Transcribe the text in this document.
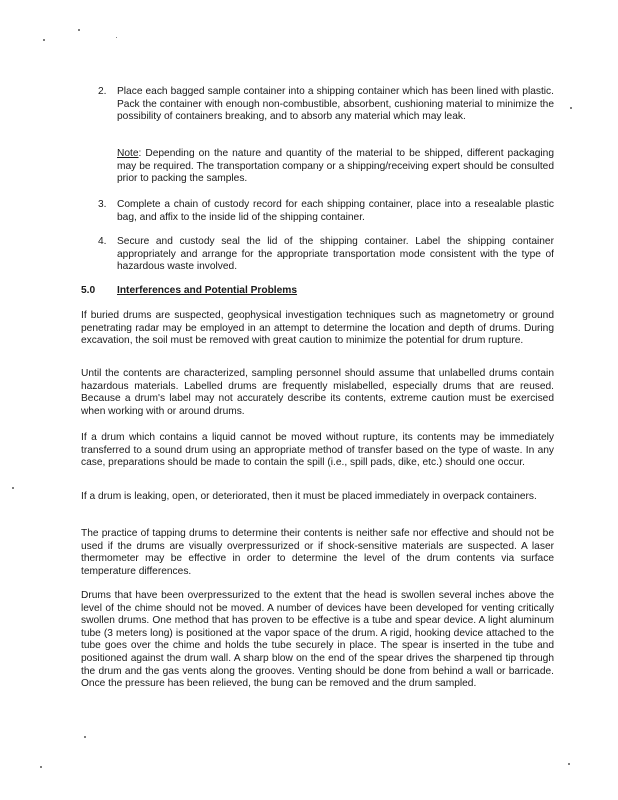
2. Place each bagged sample container into a shipping container which has been lined with plastic. Pack the container with enough non-combustible, absorbent, cushioning material to minimize the possibility of containers breaking, and to absorb any material which may leak.
Note: Depending on the nature and quantity of the material to be shipped, different packaging may be required. The transportation company or a shipping/receiving expert should be consulted prior to packing the samples.
3. Complete a chain of custody record for each shipping container, place into a resealable plastic bag, and affix to the inside lid of the shipping container.
4. Secure and custody seal the lid of the shipping container. Label the shipping container appropriately and arrange for the appropriate transportation mode consistent with the type of hazardous waste involved.
5.0 Interferences and Potential Problems
If buried drums are suspected, geophysical investigation techniques such as magnetometry or ground penetrating radar may be employed in an attempt to determine the location and depth of drums. During excavation, the soil must be removed with great caution to minimize the potential for drum rupture.
Until the contents are characterized, sampling personnel should assume that unlabelled drums contain hazardous materials. Labelled drums are frequently mislabelled, especially drums that are reused. Because a drum's label may not accurately describe its contents, extreme caution must be exercised when working with or around drums.
If a drum which contains a liquid cannot be moved without rupture, its contents may be immediately transferred to a sound drum using an appropriate method of transfer based on the type of waste. In any case, preparations should be made to contain the spill (i.e., spill pads, dike, etc.) should one occur.
If a drum is leaking, open, or deteriorated, then it must be placed immediately in overpack containers.
The practice of tapping drums to determine their contents is neither safe nor effective and should not be used if the drums are visually overpressurized or if shock-sensitive materials are suspected. A laser thermometer may be effective in order to determine the level of the drum contents via surface temperature differences.
Drums that have been overpressurized to the extent that the head is swollen several inches above the level of the chime should not be moved. A number of devices have been developed for venting critically swollen drums. One method that has proven to be effective is a tube and spear device. A light aluminum tube (3 meters long) is positioned at the vapor space of the drum. A rigid, hooking device attached to the tube goes over the chime and holds the tube securely in place. The spear is inserted in the tube and positioned against the drum wall. A sharp blow on the end of the spear drives the sharpened tip through the drum and the gas vents along the grooves. Venting should be done from behind a wall or barricade. Once the pressure has been relieved, the bung can be removed and the drum sampled.
